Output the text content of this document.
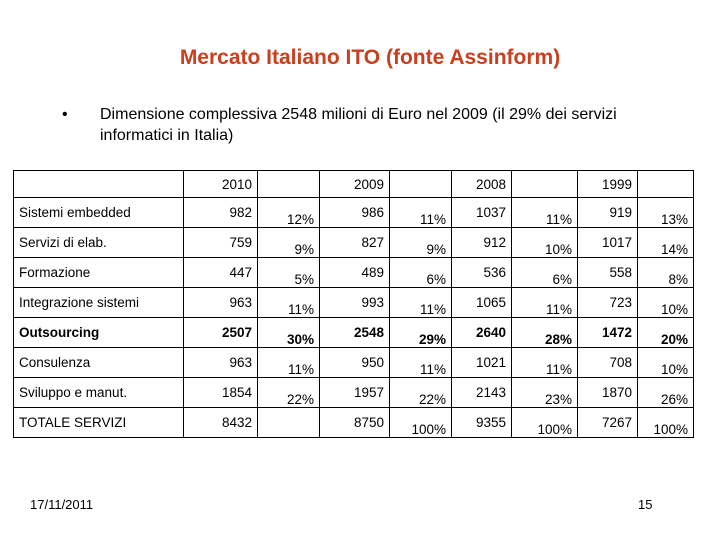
Mercato Italiano ITO (fonte Assinform)
•	Dimensione complessiva 2548 milioni di Euro nel 2009 (il 29% dei servizi informatici in Italia)
	2010		2009		2008		1999	
Sistemi embedded	982	12%	986	11%	1037	11%	919	13%
Servizi di elab.	759	9%	827	9%	912	10%	1017	14%
Formazione	447	5%	489	6%	536	6%	558	8%
Integrazione sistemi	963	11%	993	11%	1065	11%	723	10%
Outsourcing	2507	30%	2548	29%	2640	28%	1472	20%
Consulenza	963	11%	950	11%	1021	11%	708	10%
Sviluppo e manut.	1854	22%	1957	22%	2143	23%	1870	26%
TOTALE SERVIZI	8432		8750	100%	9355	100%	7267	100%
17/11/2011	15
